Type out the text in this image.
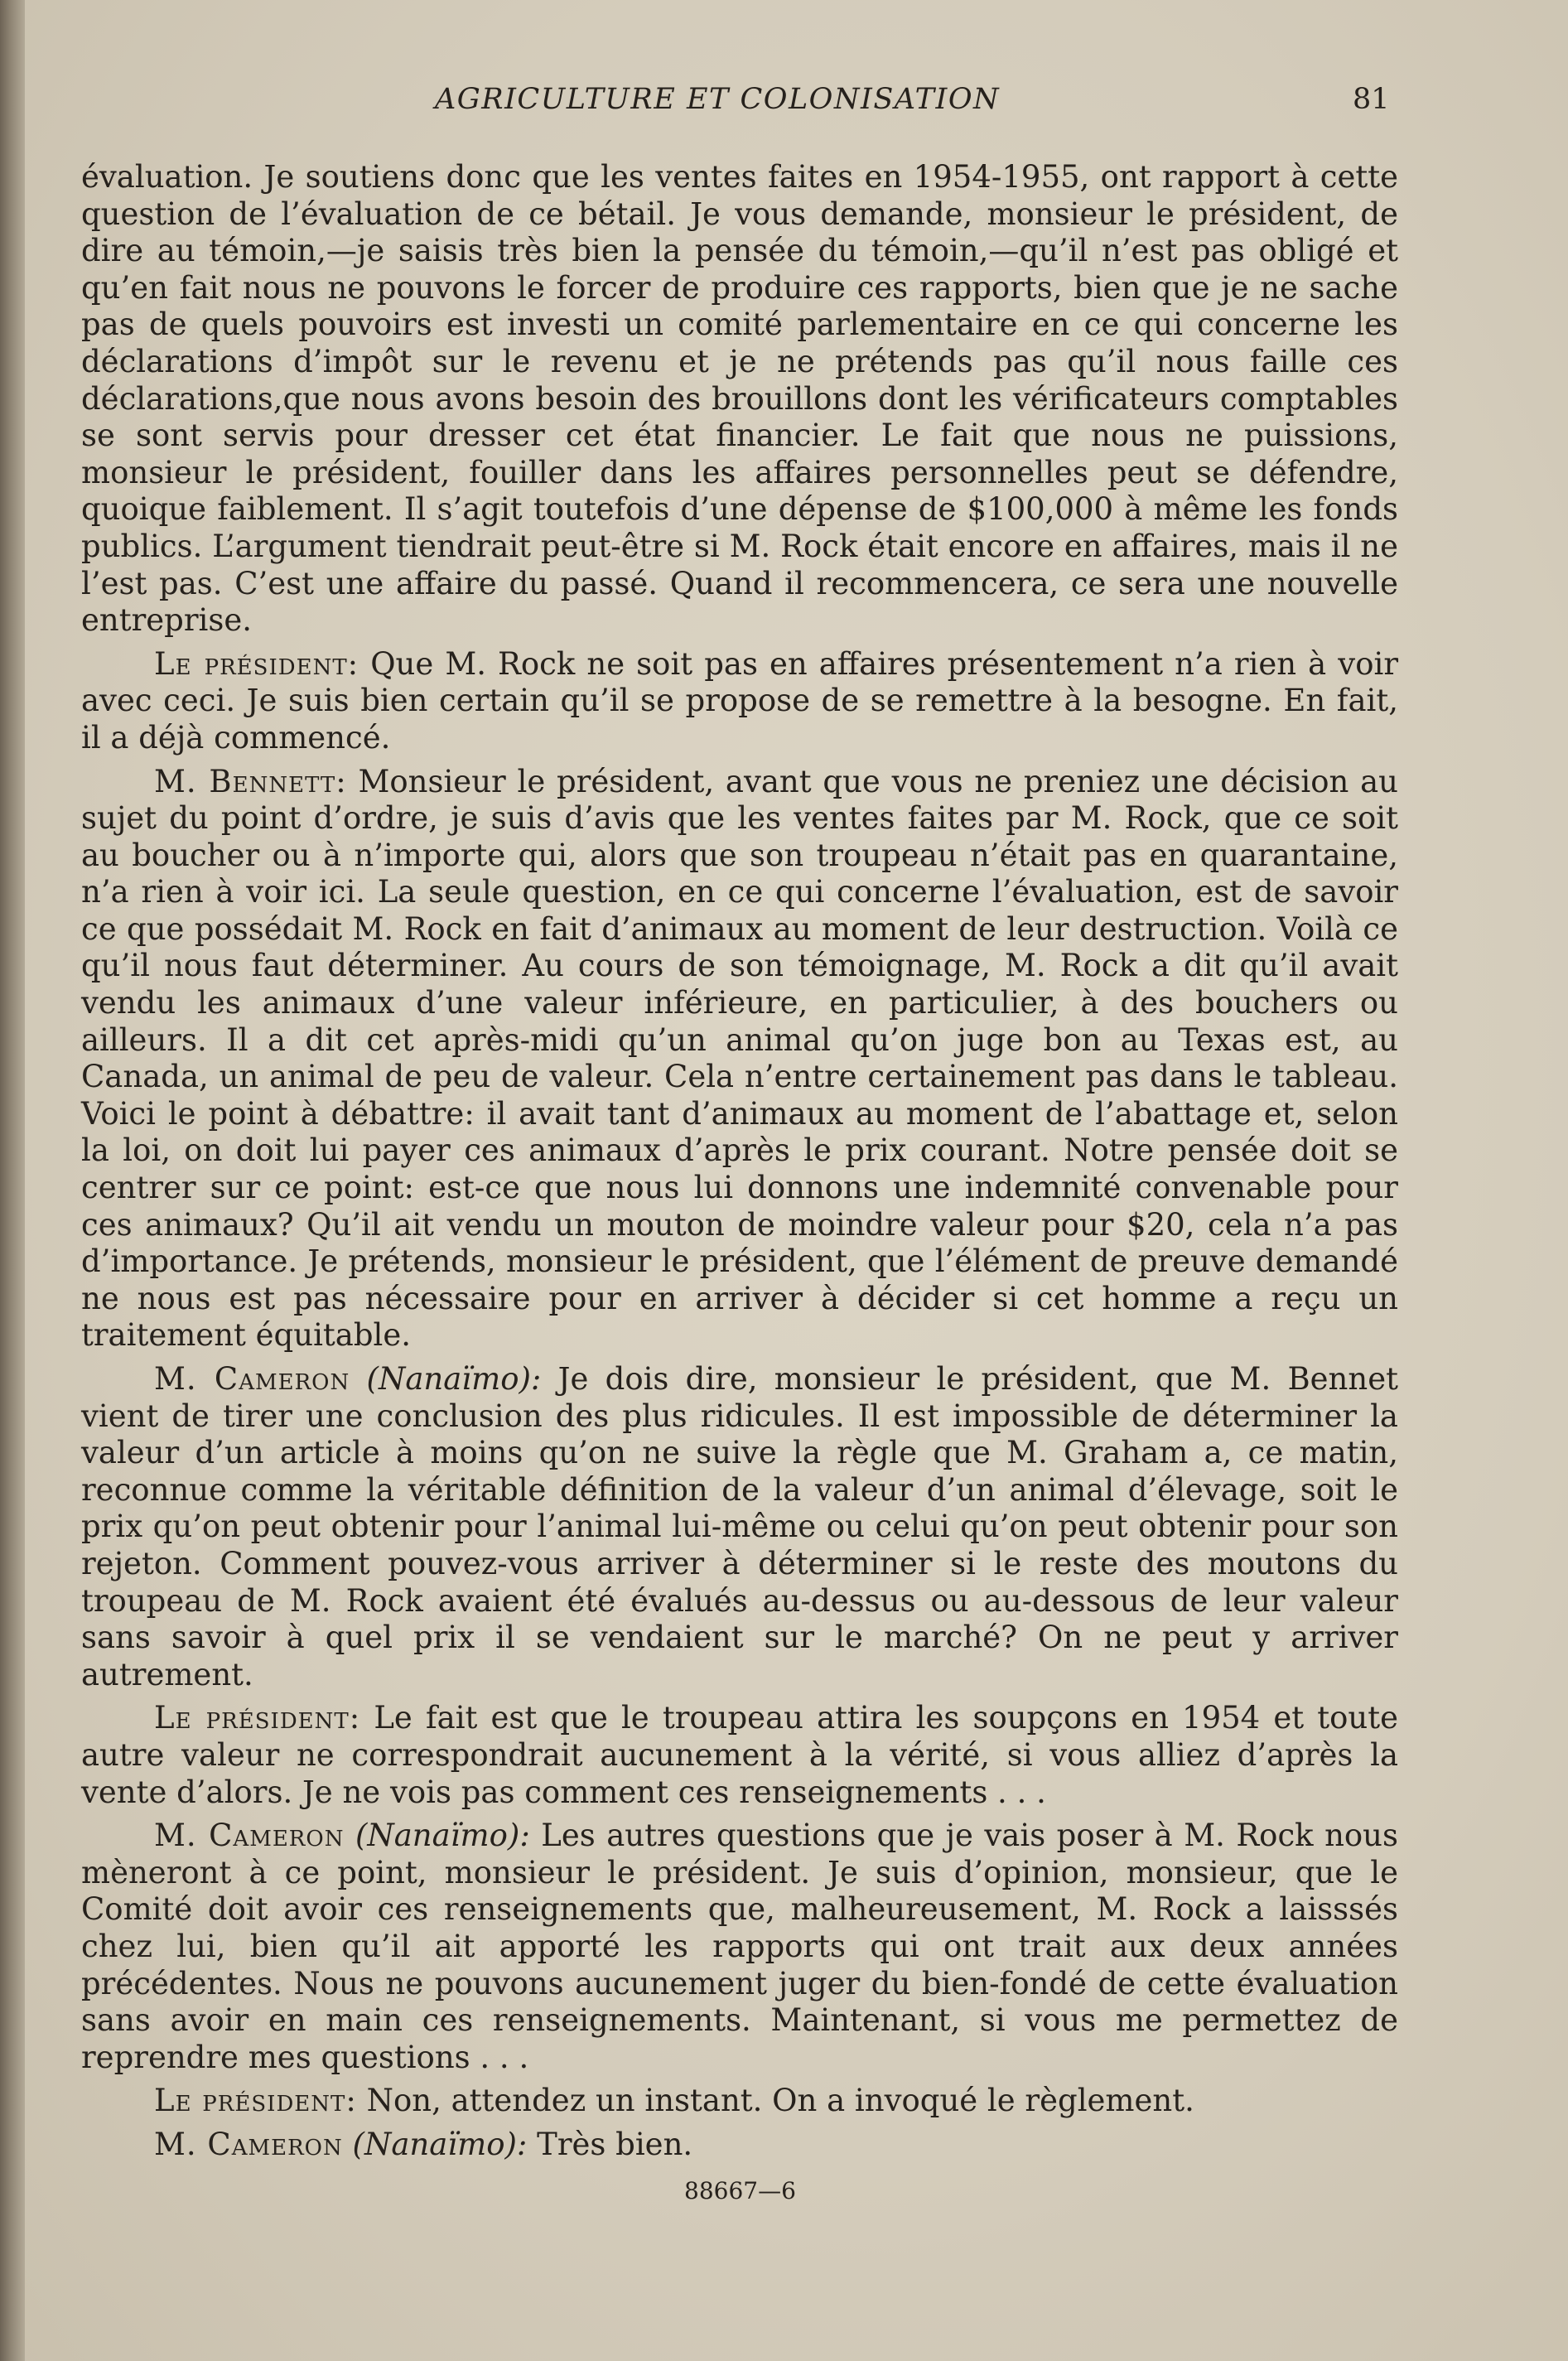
AGRICULTURE ET COLONISATION	81

évaluation. Je soutiens donc que les ventes faites en 1954-1955, ont rapport à cette question de l’évaluation de ce bétail. Je vous demande, monsieur le président, de dire au témoin,—je saisis très bien la pensée du témoin,—qu’il n’est pas obligé et qu’en fait nous ne pouvons le forcer de produire ces rapports, bien que je ne sache pas de quels pouvoirs est investi un comité parlementaire en ce qui concerne les déclarations d’impôt sur le revenu et je ne prétends pas qu’il nous faille ces déclarations,que nous avons besoin des brouillons dont les vérificateurs comptables se sont servis pour dresser cet état financier. Le fait que nous ne puissions, monsieur le président, fouiller dans les affaires personnelles peut se défendre, quoique faiblement. Il s’agit toutefois d’une dépense de $100,000 à même les fonds publics. L’argument tiendrait peut-être si M. Rock était encore en affaires, mais il ne l’est pas. C’est une affaire du passé. Quand il recommencera, ce sera une nouvelle entreprise.

Le président: Que M. Rock ne soit pas en affaires présentement n’a rien à voir avec ceci. Je suis bien certain qu’il se propose de se remettre à la besogne. En fait, il a déjà commencé.

M. Bennett: Monsieur le président, avant que vous ne preniez une décision au sujet du point d’ordre, je suis d’avis que les ventes faites par M. Rock, que ce soit au boucher ou à n’importe qui, alors que son troupeau n’était pas en quarantaine, n’a rien à voir ici. La seule question, en ce qui concerne l’évaluation, est de savoir ce que possédait M. Rock en fait d’animaux au moment de leur destruction. Voilà ce qu’il nous faut déterminer. Au cours de son témoignage, M. Rock a dit qu’il avait vendu les animaux d’une valeur inférieure, en particulier, à des bouchers ou ailleurs. Il a dit cet après-midi qu’un animal qu’on juge bon au Texas est, au Canada, un animal de peu de valeur. Cela n’entre certainement pas dans le tableau. Voici le point à débattre: il avait tant d’animaux au moment de l’abattage et, selon la loi, on doit lui payer ces animaux d’après le prix courant. Notre pensée doit se centrer sur ce point: est-ce que nous lui donnons une indemnité convenable pour ces animaux? Qu’il ait vendu un mouton de moindre valeur pour $20, cela n’a pas d’importance. Je prétends, monsieur le président, que l’élément de preuve demandé ne nous est pas nécessaire pour en arriver à décider si cet homme a reçu un traitement équitable.

M. Cameron (Nanaïmo): Je dois dire, monsieur le président, que M. Bennet vient de tirer une conclusion des plus ridicules. Il est impossible de déterminer la valeur d’un article à moins qu’on ne suive la règle que M. Graham a, ce matin, reconnue comme la véritable définition de la valeur d’un animal d’élevage, soit le prix qu’on peut obtenir pour l’animal lui-même ou celui qu’on peut obtenir pour son rejeton. Comment pouvez-vous arriver à déterminer si le reste des moutons du troupeau de M. Rock avaient été évalués au-dessus ou au-dessous de leur valeur sans savoir à quel prix il se vendaient sur le marché? On ne peut y arriver autrement.

Le président: Le fait est que le troupeau attira les soupçons en 1954 et toute autre valeur ne correspondrait aucunement à la vérité, si vous alliez d’après la vente d’alors. Je ne vois pas comment ces renseignements . . .

M. Cameron (Nanaïmo): Les autres questions que je vais poser à M. Rock nous mèneront à ce point, monsieur le président. Je suis d’opinion, monsieur, que le Comité doit avoir ces renseignements que, malheureusement, M. Rock a laisssés chez lui, bien qu’il ait apporté les rapports qui ont trait aux deux années précédentes. Nous ne pouvons aucunement juger du bien-fondé de cette évaluation sans avoir en main ces renseignements. Maintenant, si vous me permettez de reprendre mes questions . . .

Le président: Non, attendez un instant. On a invoqué le règlement.

M. Cameron (Nanaïmo): Très bien.

88667—6
